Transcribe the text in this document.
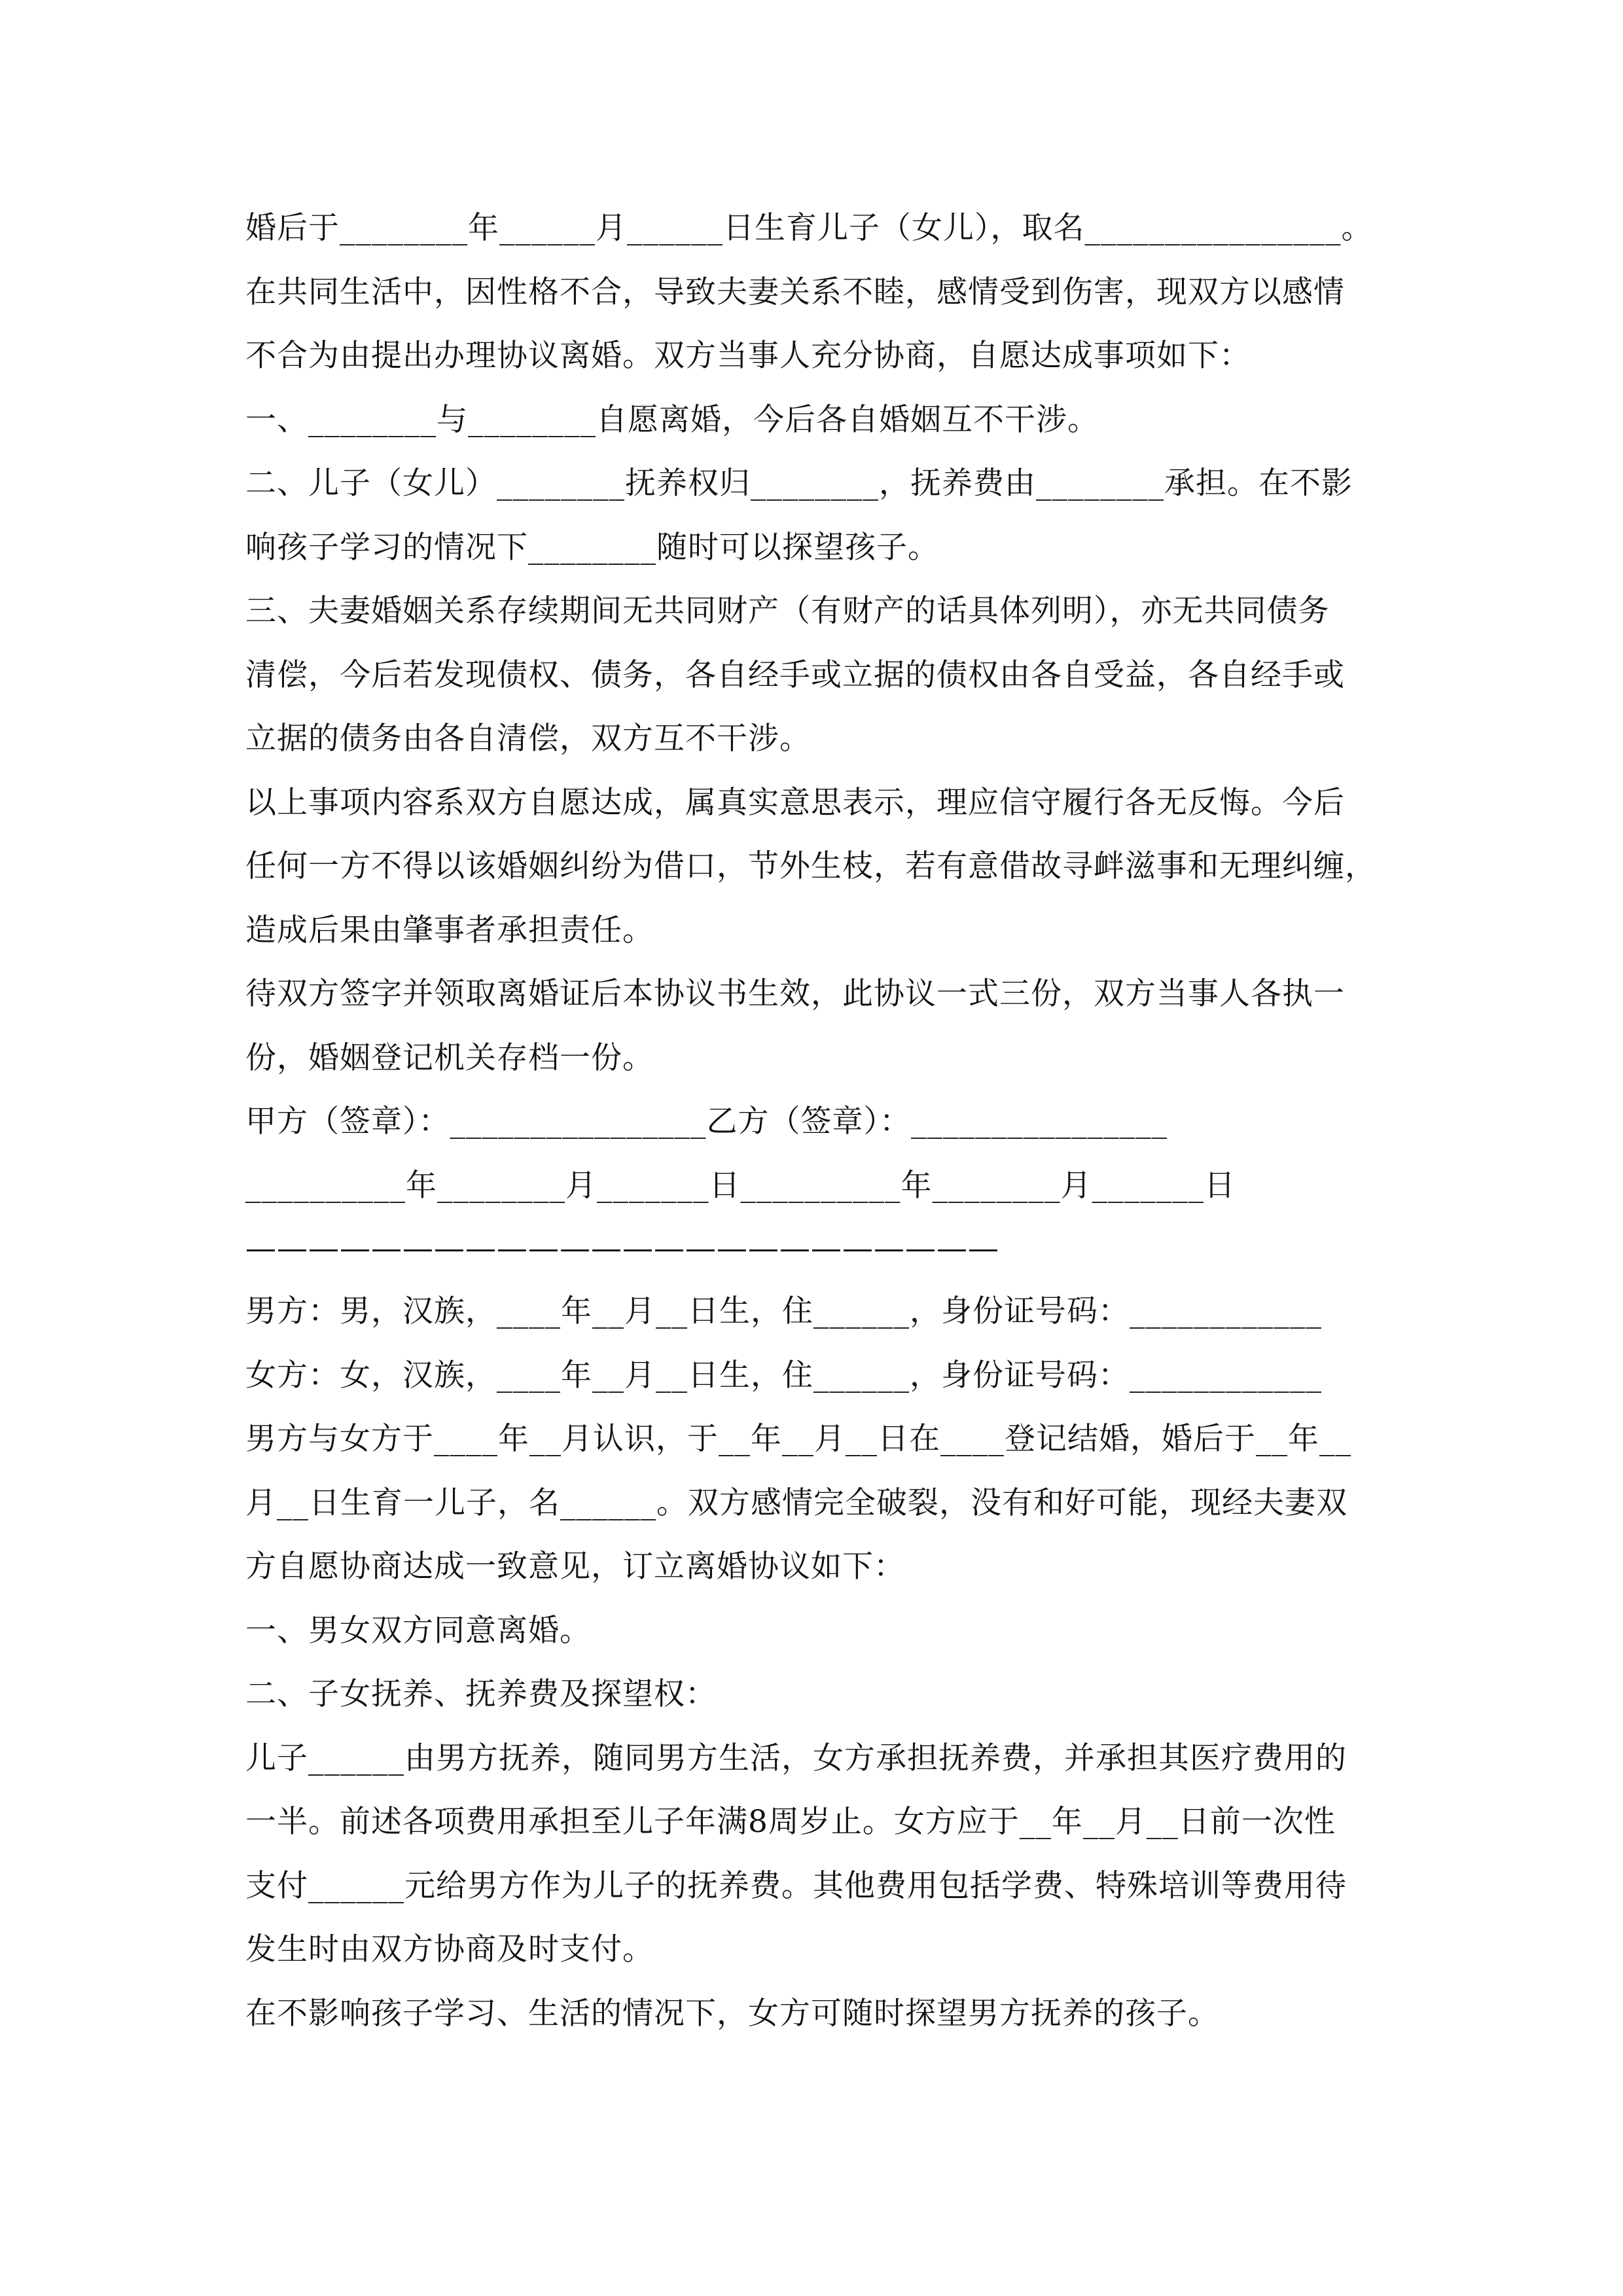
婚后于________年______月______日生育儿子（女儿），取名________________。
在共同生活中，因性格不合，导致夫妻关系不睦，感情受到伤害，现双方以感情
不合为由提出办理协议离婚。双方当事人充分协商，自愿达成事项如下：
一、________与________自愿离婚，今后各自婚姻互不干涉。
二、儿子（女儿）________抚养权归________，抚养费由________承担。在不影
响孩子学习的情况下________随时可以探望孩子。
三、夫妻婚姻关系存续期间无共同财产（有财产的话具体列明），亦无共同债务
清偿，今后若发现债权、债务，各自经手或立据的债权由各自受益，各自经手或
立据的债务由各自清偿，双方互不干涉。
以上事项内容系双方自愿达成，属真实意思表示，理应信守履行各无反悔。今后
任何一方不得以该婚姻纠纷为借口，节外生枝，若有意借故寻衅滋事和无理纠缠，
造成后果由肇事者承担责任。
待双方签字并领取离婚证后本协议书生效，此协议一式三份，双方当事人各执一
份，婚姻登记机关存档一份。
甲方（签章）：________________乙方（签章）：________________
__________年________月_______日__________年________月_______日
————————————————————————
男方：男，汉族，____年__月__日生，住______，身份证号码：____________
女方：女，汉族，____年__月__日生，住______，身份证号码：____________
男方与女方于____年__月认识，于__年__月__日在____登记结婚，婚后于__年__
月__日生育一儿子，名______。双方感情完全破裂，没有和好可能，现经夫妻双
方自愿协商达成一致意见，订立离婚协议如下：
一、男女双方同意离婚。
二、子女抚养、抚养费及探望权：
儿子______由男方抚养，随同男方生活，女方承担抚养费，并承担其医疗费用的
一半。前述各项费用承担至儿子年满8周岁止。女方应于__年__月__日前一次性
支付______元给男方作为儿子的抚养费。其他费用包括学费、特殊培训等费用待
发生时由双方协商及时支付。
在不影响孩子学习、生活的情况下，女方可随时探望男方抚养的孩子。
